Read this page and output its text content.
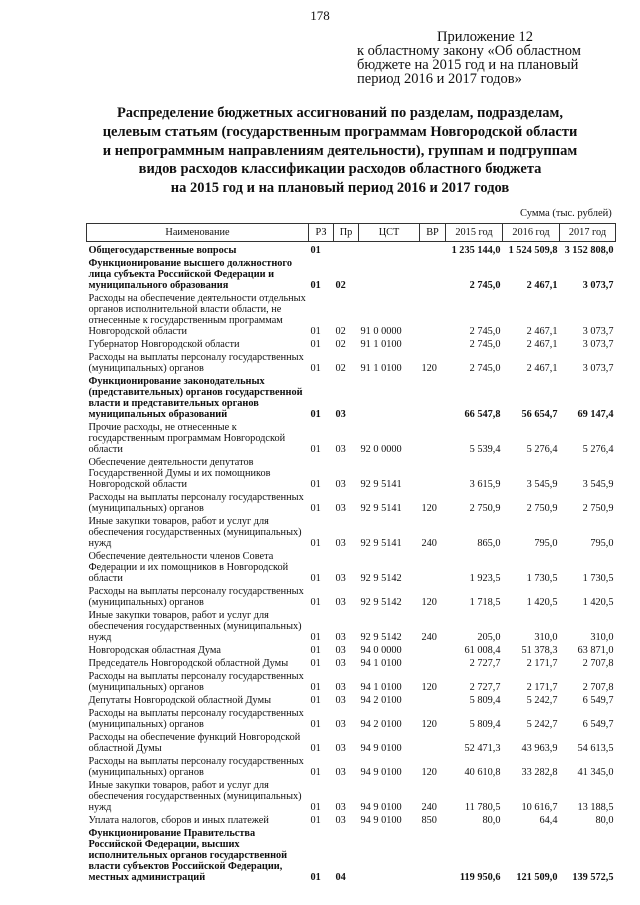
178
Приложение 12
к областному закону «Об областном
бюджете на 2015 год и на плановый
период 2016 и 2017 годов»
Распределение бюджетных ассигнований по разделам, подразделам,
целевым статьям (государственным программам Новгородской области
и непрограммным направлениям деятельности), группам и подгруппам
видов расходов классификации расходов областного бюджета
на 2015 год и на плановый период 2016 и 2017 годов
Сумма (тыс. рублей)
Наименование	РЗ	Пр	ЦСТ	ВР	2015 год	2016 год	2017 год
Общегосударственные вопросы	01				1 235 144,0	1 524 509,8	3 152 808,0
Функционирование высшего должностного лица субъекта Российской Федерации и муниципального образования	01	02			2 745,0	2 467,1	3 073,7
Расходы на обеспечение деятельности отдельных органов исполнительной власти области, не отнесенные к государственным программам Новгородской области	01	02	91 0 0000		2 745,0	2 467,1	3 073,7
Губернатор Новгородской области	01	02	91 1 0100		2 745,0	2 467,1	3 073,7
Расходы на выплаты персоналу государственных (муниципальных) органов	01	02	91 1 0100	120	2 745,0	2 467,1	3 073,7
Функционирование законодательных (представительных) органов государственной власти и представительных органов муниципальных образований	01	03			66 547,8	56 654,7	69 147,4
Прочие расходы, не отнесенные к государственным программам Новгородской области	01	03	92 0 0000		5 539,4	5 276,4	5 276,4
Обеспечение деятельности депутатов Государственной Думы и их помощников Новгородской области	01	03	92 9 5141		3 615,9	3 545,9	3 545,9
Расходы на выплаты персоналу государственных (муниципальных) органов	01	03	92 9 5141	120	2 750,9	2 750,9	2 750,9
Иные закупки товаров, работ и услуг для обеспечения государственных (муниципальных) нужд	01	03	92 9 5141	240	865,0	795,0	795,0
Обеспечение деятельности членов Совета Федерации и их помощников в Новгородской области	01	03	92 9 5142		1 923,5	1 730,5	1 730,5
Расходы на выплаты персоналу государственных (муниципальных) органов	01	03	92 9 5142	120	1 718,5	1 420,5	1 420,5
Иные закупки товаров, работ и услуг для обеспечения государственных (муниципальных) нужд	01	03	92 9 5142	240	205,0	310,0	310,0
Новгородская областная Дума	01	03	94 0 0000		61 008,4	51 378,3	63 871,0
Председатель Новгородской областной Думы	01	03	94 1 0100		2 727,7	2 171,7	2 707,8
Расходы на выплаты персоналу государственных (муниципальных) органов	01	03	94 1 0100	120	2 727,7	2 171,7	2 707,8
Депутаты Новгородской областной Думы	01	03	94 2 0100		5 809,4	5 242,7	6 549,7
Расходы на выплаты персоналу государственных (муниципальных) органов	01	03	94 2 0100	120	5 809,4	5 242,7	6 549,7
Расходы на обеспечение функций Новгородской областной Думы	01	03	94 9 0100		52 471,3	43 963,9	54 613,5
Расходы на выплаты персоналу государственных (муниципальных) органов	01	03	94 9 0100	120	40 610,8	33 282,8	41 345,0
Иные закупки товаров, работ и услуг для обеспечения государственных (муниципальных) нужд	01	03	94 9 0100	240	11 780,5	10 616,7	13 188,5
Уплата налогов, сборов и иных платежей	01	03	94 9 0100	850	80,0	64,4	80,0
Функционирование Правительства Российской Федерации, высших исполнительных органов государственной власти субъектов Российской Федерации, местных администраций	01	04			119 950,6	121 509,0	139 572,5
